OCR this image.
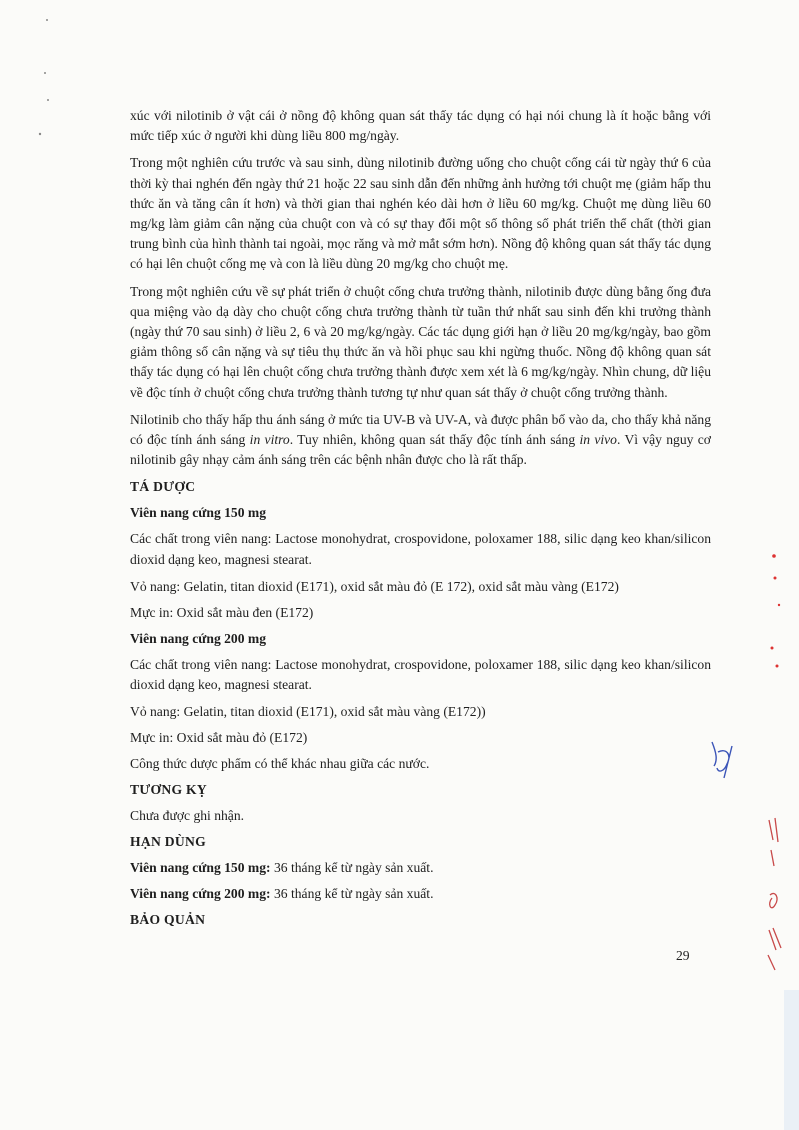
xúc với nilotinib ở vật cái ở nồng độ không quan sát thấy tác dụng có hại nói chung là ít hoặc bằng với mức tiếp xúc ở người khi dùng liều 800 mg/ngày.

Trong một nghiên cứu trước và sau sinh, dùng nilotinib đường uống cho chuột cống cái từ ngày thứ 6 của thời kỳ thai nghén đến ngày thứ 21 hoặc 22 sau sinh dẫn đến những ảnh hưởng tới chuột mẹ (giảm hấp thu thức ăn và tăng cân ít hơn) và thời gian thai nghén kéo dài hơn ở liều 60 mg/kg. Chuột mẹ dùng liều 60 mg/kg làm giảm cân nặng của chuột con và có sự thay đổi một số thông số phát triển thể chất (thời gian trung bình của hình thành tai ngoài, mọc răng và mở mắt sớm hơn). Nồng độ không quan sát thấy tác dụng có hại lên chuột cống mẹ và con là liều dùng 20 mg/kg cho chuột mẹ.

Trong một nghiên cứu về sự phát triển ở chuột cống chưa trưởng thành, nilotinib được dùng bằng ống đưa qua miệng vào dạ dày cho chuột cống chưa trưởng thành từ tuần thứ nhất sau sinh đến khi trưởng thành (ngày thứ 70 sau sinh) ở liều 2, 6 và 20 mg/kg/ngày. Các tác dụng giới hạn ở liều 20 mg/kg/ngày, bao gồm giảm thông số cân nặng và sự tiêu thụ thức ăn và hồi phục sau khi ngừng thuốc. Nồng độ không quan sát thấy tác dụng có hại lên chuột cống chưa trưởng thành được xem xét là 6 mg/kg/ngày. Nhìn chung, dữ liệu về độc tính ở chuột cống chưa trưởng thành tương tự như quan sát thấy ở chuột cống trưởng thành.

Nilotinib cho thấy hấp thu ánh sáng ở mức tia UV-B và UV-A, và được phân bố vào da, cho thấy khả năng có độc tính ánh sáng in vitro. Tuy nhiên, không quan sát thấy độc tính ánh sáng in vivo. Vì vậy nguy cơ nilotinib gây nhạy cảm ánh sáng trên các bệnh nhân được cho là rất thấp.

TÁ DƯỢC
Viên nang cứng 150 mg

Các chất trong viên nang: Lactose monohydrat, crospovidone, poloxamer 188, silic dạng keo khan/silicon dioxid dạng keo, magnesi stearat.

Vỏ nang: Gelatin, titan dioxid (E171), oxid sắt màu đỏ (E 172), oxid sắt màu vàng (E172)

Mực in: Oxid sắt màu đen (E172)

Viên nang cứng 200 mg

Các chất trong viên nang: Lactose monohydrat, crospovidone, poloxamer 188, silic dạng keo khan/silicon dioxid dạng keo, magnesi stearat.

Vỏ nang: Gelatin, titan dioxid (E171), oxid sắt màu vàng (E172))

Mực in: Oxid sắt màu đỏ (E172)

Công thức dược phẩm có thể khác nhau giữa các nước.

TƯƠNG KỴ

Chưa được ghi nhận.

HẠN DÙNG

Viên nang cứng 150 mg: 36 tháng kể từ ngày sản xuất.

Viên nang cứng 200 mg: 36 tháng kể từ ngày sản xuất.

BẢO QUẢN
29
